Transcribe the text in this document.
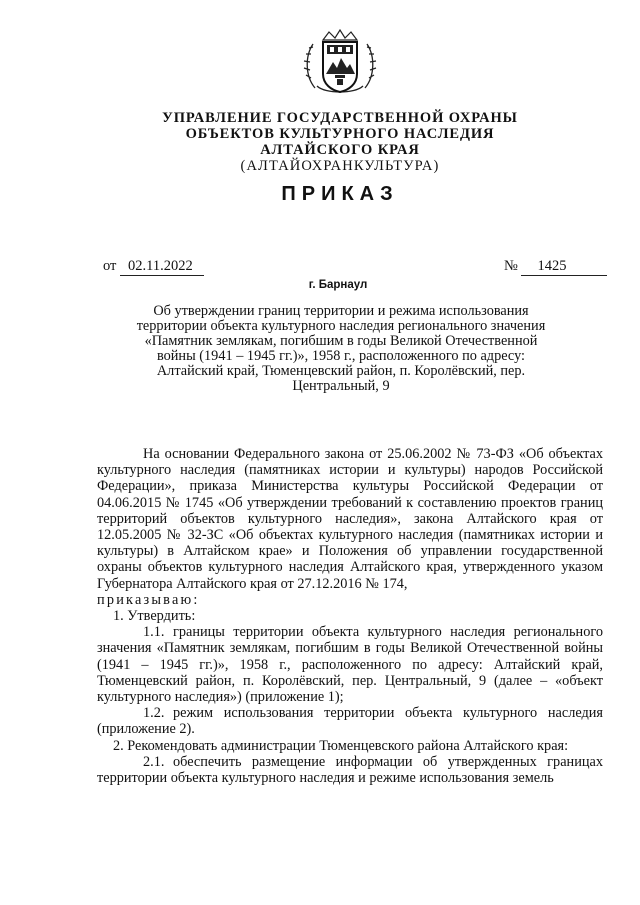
УПРАВЛЕНИЕ ГОСУДАРСТВЕННОЙ ОХРАНЫ
ОБЪЕКТОВ КУЛЬТУРНОГО НАСЛЕДИЯ
АЛТАЙСКОГО КРАЯ
(АЛТАЙОХРАНКУЛЬТУРА)
ПРИКАЗ
от 02.11.2022	№ 1425
г. Барнаул
Об утверждении границ территории и режима использования территории объекта культурного наследия регионального значения «Памятник землякам, погибшим в годы Великой Отечественной войны (1941 – 1945 гг.)», 1958 г., расположенного по адресу: Алтайский край, Тюменцевский район, п. Королёвский, пер. Центральный, 9

На основании Федерального закона от 25.06.2002 № 73-ФЗ «Об объектах культурного наследия (памятниках истории и культуры) народов Российской Федерации», приказа Министерства культуры Российской Федерации от 04.06.2015 № 1745 «Об утверждении требований к составлению проектов границ территорий объектов культурного наследия», закона Алтайского края от 12.05.2005 № 32-ЗС «Об объектах культурного наследия (памятниках истории и культуры) в Алтайском крае» и Положения об управлении государственной охраны объектов культурного наследия Алтайского края, утвержденного указом Губернатора Алтайского края от 27.12.2016 № 174,

приказываю:

1. Утвердить:

1.1. границы территории объекта культурного наследия регионального значения «Памятник землякам, погибшим в годы Великой Отечественной войны (1941 – 1945 гг.)», 1958 г., расположенного по адресу: Алтайский край, Тюменцевский район, п. Королёвский, пер. Центральный, 9 (далее – «объект культурного наследия») (приложение 1);

1.2. режим использования территории объекта культурного наследия (приложение 2).

2. Рекомендовать администрации Тюменцевского района Алтайского края:

2.1. обеспечить размещение информации об утвержденных границах территории объекта культурного наследия и режиме использования земель
